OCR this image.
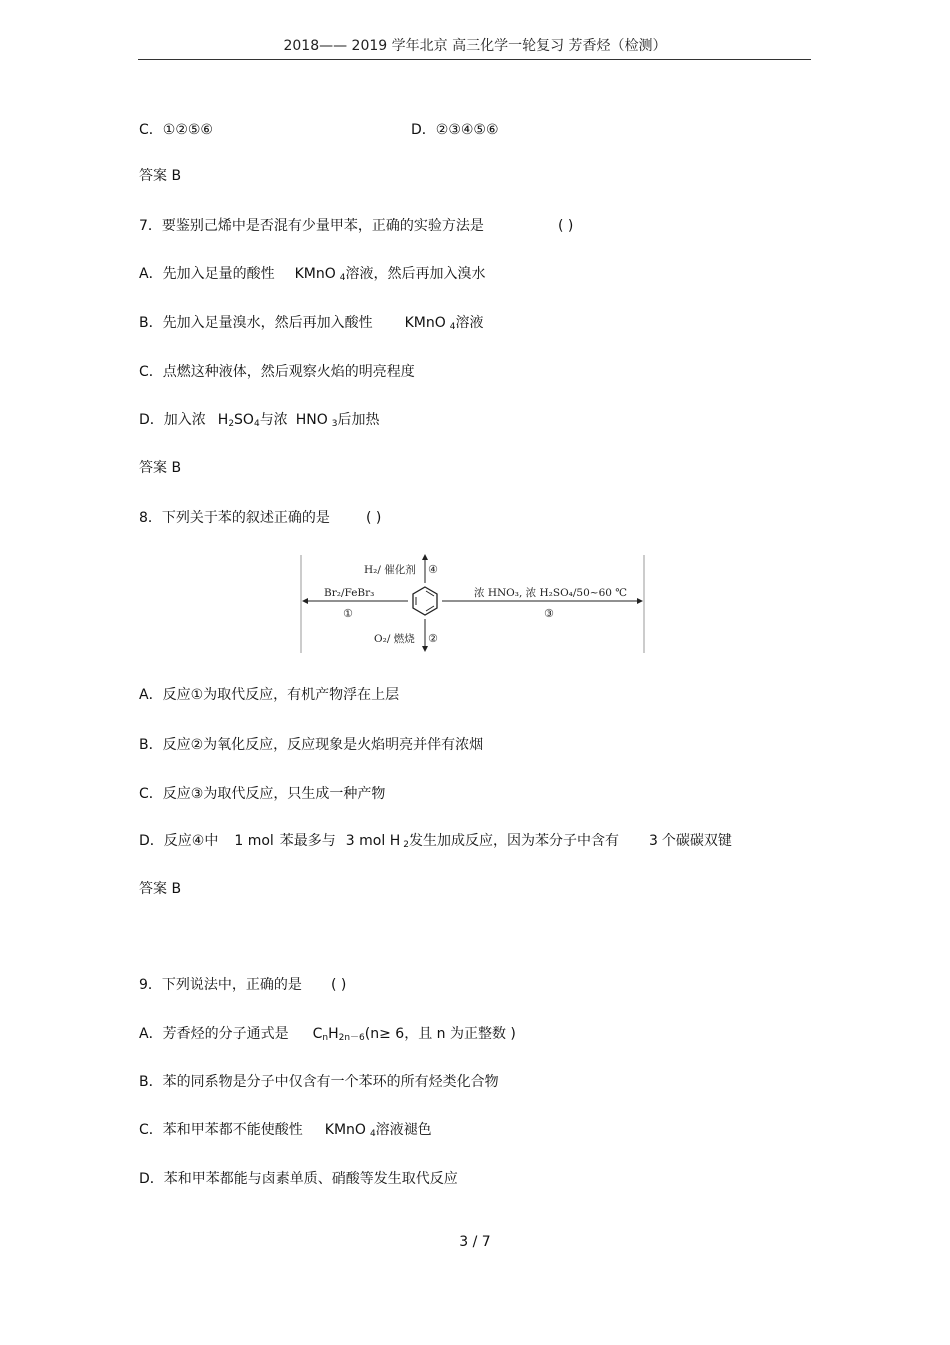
2018—— 2019 学年北京 高三化学一轮复习 芳香烃（检测）
C．①②⑤⑥	D．②③④⑤⑥
答案 B
7．要鉴别己烯中是否混有少量甲苯，正确的实验方法是	( )
A．先加入足量的酸性 KMnO $_4$溶液，然后再加入溴水
B．先加入足量溴水，然后再加入酸性 KMnO $_4$溶液
C．点燃这种液体，然后观察火焰的明亮程度
D．加入浓 $H_2SO_4$与浓 HNO $_3$后加热
答案 B
8．下列关于苯的叙述正确的是	( )
H₂/ 催化剂 ④
Br₂/FeBr₃
①
浓 HNO₃, 浓 H₂SO₄/50~60 ℃
③
O₂/ 燃烧 ②
A．反应①为取代反应，有机产物浮在上层
B．反应②为氧化反应，反应现象是火焰明亮并伴有浓烟
C．反应③为取代反应，只生成一种产物
D．反应④中 1 mol 苯最多与 3 mol H $_2$发生加成反应，因为苯分子中含有 3 个碳碳双键
答案 B
9．下列说法中，正确的是 ( )
A．芳香烃的分子通式是 $C_nH_{2n-6}(n\ge 6$，且 n 为正整数 )
B．苯的同系物是分子中仅含有一个苯环的所有烃类化合物
C．苯和甲苯都不能使酸性 KMnO $_4$溶液褪色
D．苯和甲苯都能与卤素单质、硝酸等发生取代反应
3 / 7
